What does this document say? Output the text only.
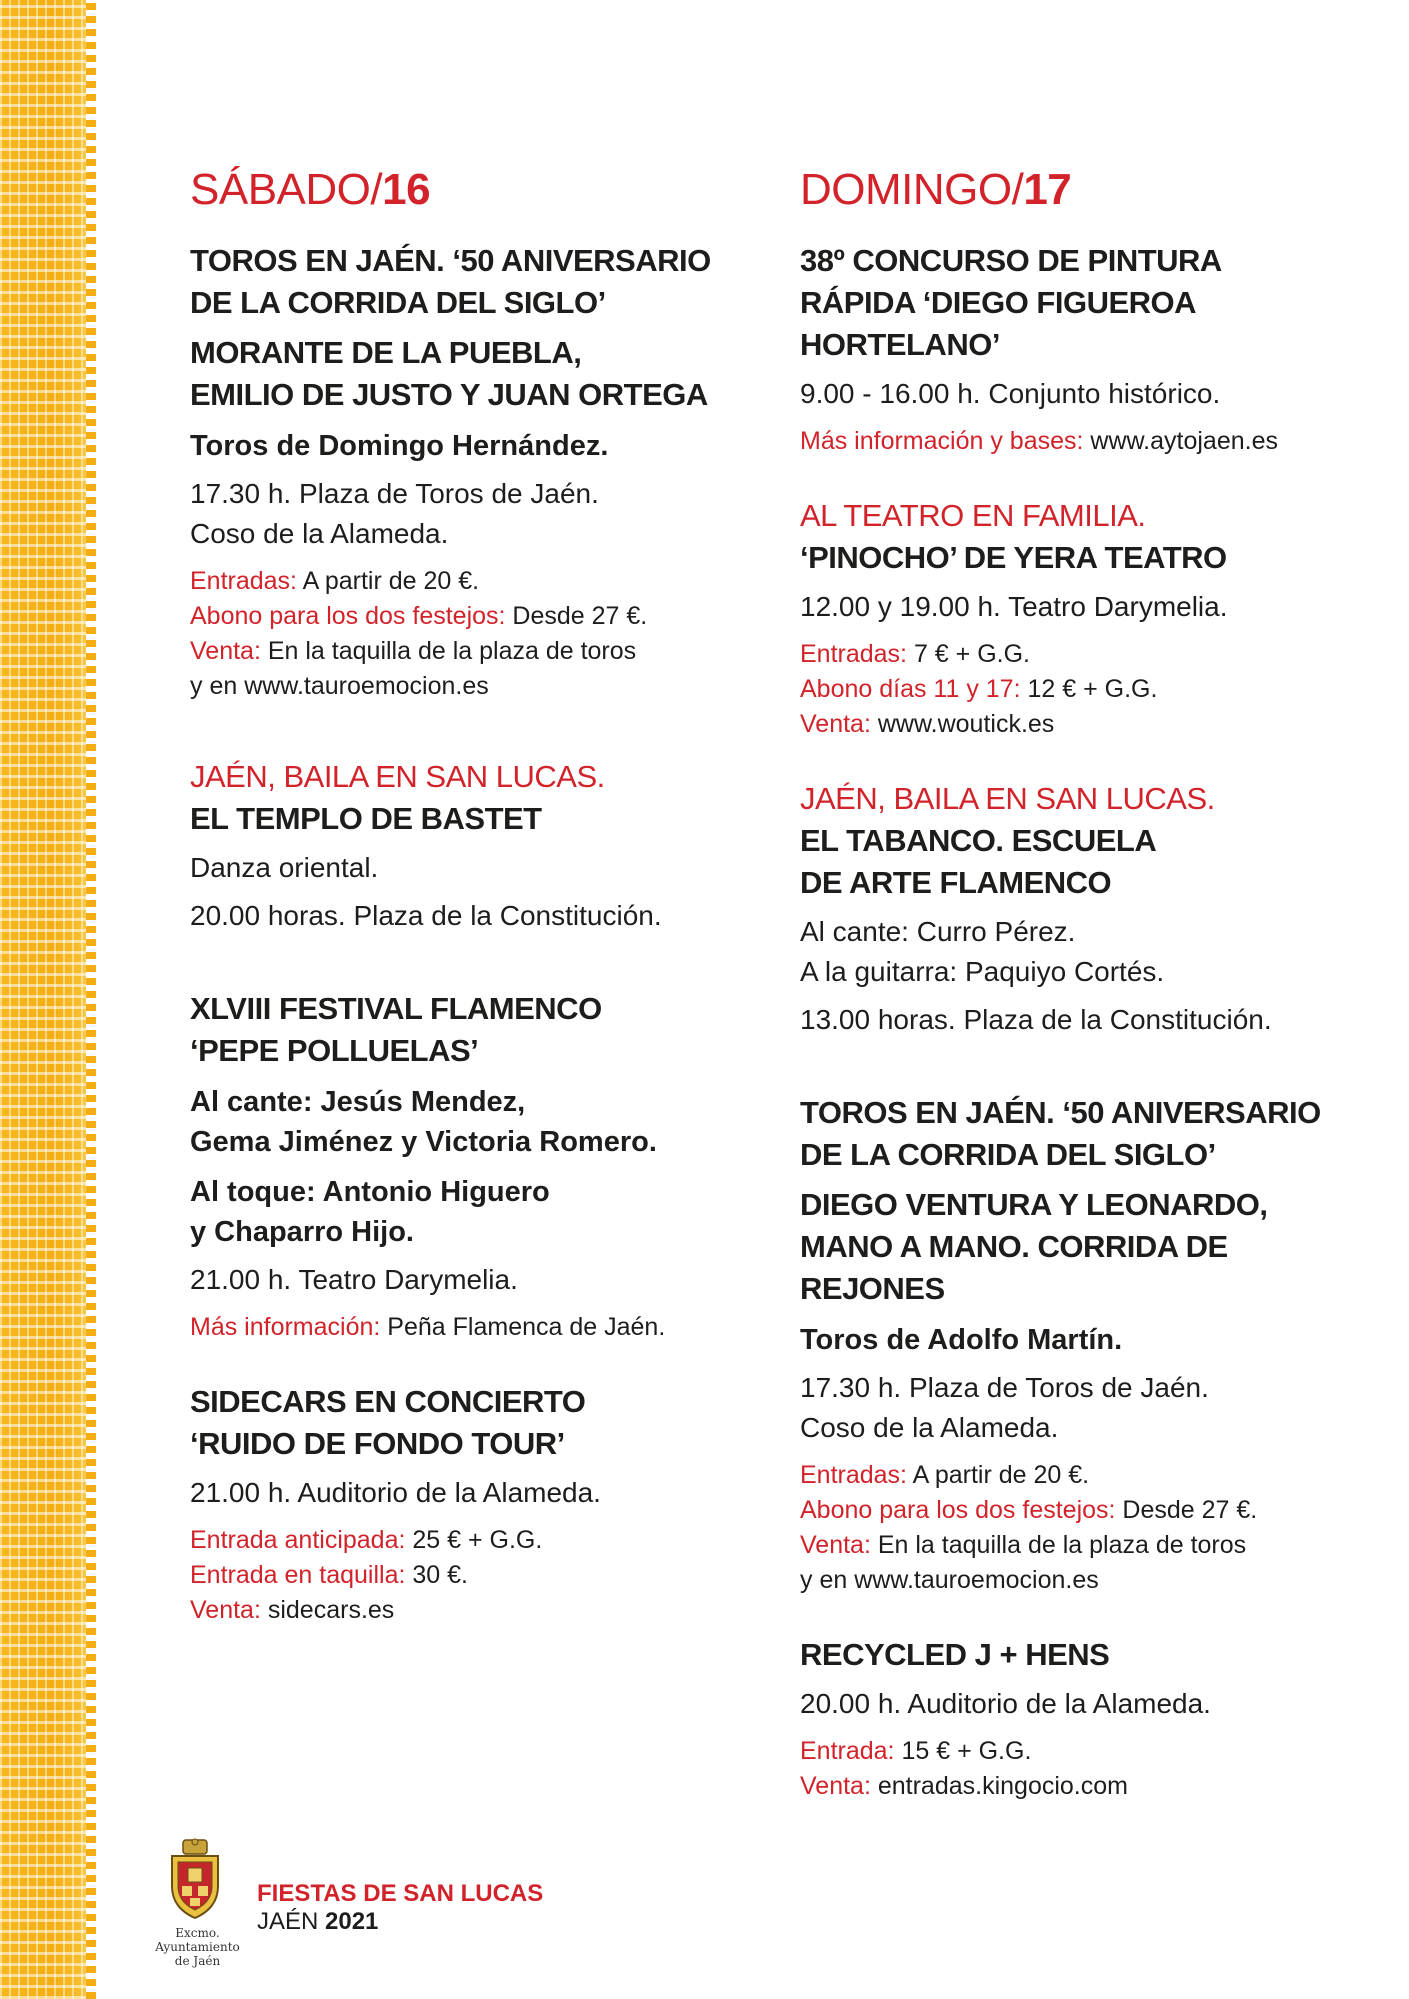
SÁBADO/16
TOROS EN JAÉN. ‘50 ANIVERSARIO
DE LA CORRIDA DEL SIGLO’
MORANTE DE LA PUEBLA,
EMILIO DE JUSTO Y JUAN ORTEGA
Toros de Domingo Hernández.
17.30 h. Plaza de Toros de Jaén.
Coso de la Alameda.
Entradas: A partir de 20 €.
Abono para los dos festejos: Desde 27 €.
Venta: En la taquilla de la plaza de toros
y en www.tauroemocion.es
JAÉN, BAILA EN SAN LUCAS.
EL TEMPLO DE BASTET
Danza oriental.
20.00 horas. Plaza de la Constitución.
XLVIII FESTIVAL FLAMENCO
‘PEPE POLLUELAS’
Al cante: Jesús Mendez,
Gema Jiménez y Victoria Romero.
Al toque: Antonio Higuero
y Chaparro Hijo.
21.00 h. Teatro Darymelia.
Más información: Peña Flamenca de Jaén.
SIDECARS EN CONCIERTO
‘RUIDO DE FONDO TOUR’
21.00 h. Auditorio de la Alameda.
Entrada anticipada: 25 € + G.G.
Entrada en taquilla: 30 €.
Venta: sidecars.es
DOMINGO/17
38º CONCURSO DE PINTURA
RÁPIDA ‘DIEGO FIGUEROA
HORTELANO’
9.00 - 16.00 h. Conjunto histórico.
Más información y bases: www.aytojaen.es
AL TEATRO EN FAMILIA.
‘PINOCHO’ DE YERA TEATRO
12.00 y 19.00 h. Teatro Darymelia.
Entradas: 7 € + G.G.
Abono días 11 y 17: 12 € + G.G.
Venta: www.woutick.es
JAÉN, BAILA EN SAN LUCAS.
EL TABANCO. ESCUELA
DE ARTE FLAMENCO
Al cante: Curro Pérez.
A la guitarra: Paquiyo Cortés.
13.00 horas. Plaza de la Constitución.
TOROS EN JAÉN. ‘50 ANIVERSARIO
DE LA CORRIDA DEL SIGLO’
DIEGO VENTURA Y LEONARDO,
MANO A MANO. CORRIDA DE
REJONES
Toros de Adolfo Martín.
17.30 h. Plaza de Toros de Jaén.
Coso de la Alameda.
Entradas: A partir de 20 €.
Abono para los dos festejos: Desde 27 €.
Venta: En la taquilla de la plaza de toros
y en www.tauroemocion.es
RECYCLED J + HENS
20.00 h. Auditorio de la Alameda.
Entrada: 15 € + G.G.
Venta: entradas.kingocio.com
Excmo.
Ayuntamiento
de Jaén
FIESTAS DE SAN LUCAS
JAÉN 2021
